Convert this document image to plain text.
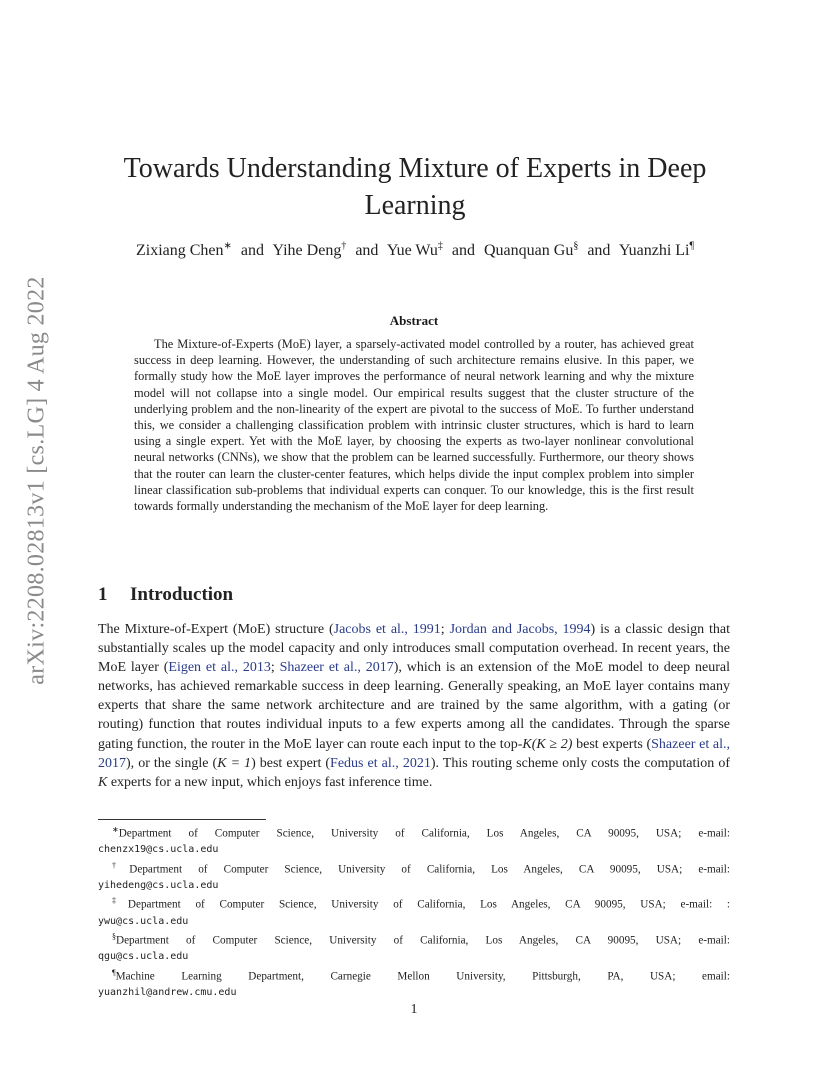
arXiv:2208.02813v1 [cs.LG] 4 Aug 2022
Towards Understanding Mixture of Experts in Deep Learning
Zixiang Chen∗ and Yihe Deng† and Yue Wu‡ and Quanquan Gu§ and Yuanzhi Li¶
Abstract

The Mixture-of-Experts (MoE) layer, a sparsely-activated model controlled by a router, has achieved great success in deep learning. However, the understanding of such architecture remains elusive. In this paper, we formally study how the MoE layer improves the performance of neural network learning and why the mixture model will not collapse into a single model. Our empirical results suggest that the cluster structure of the underlying problem and the non-linearity of the expert are pivotal to the success of MoE. To further understand this, we consider a challenging classification problem with intrinsic cluster structures, which is hard to learn using a single expert. Yet with the MoE layer, by choosing the experts as two-layer nonlinear convolutional neural networks (CNNs), we show that the problem can be learned successfully. Furthermore, our theory shows that the router can learn the cluster-center features, which helps divide the input complex problem into simpler linear classification sub-problems that individual experts can conquer. To our knowledge, this is the first result towards formally understanding the mechanism of the MoE layer for deep learning.

1 Introduction

The Mixture-of-Expert (MoE) structure (Jacobs et al., 1991; Jordan and Jacobs, 1994) is a classic design that substantially scales up the model capacity and only introduces small computation overhead. In recent years, the MoE layer (Eigen et al., 2013; Shazeer et al., 2017), which is an extension of the MoE model to deep neural networks, has achieved remarkable success in deep learning. Generally speaking, an MoE layer contains many experts that share the same network architecture and are trained by the same algorithm, with a gating (or routing) function that routes individual inputs to a few experts among all the candidates. Through the sparse gating function, the router in the MoE layer can route each input to the top-K(K ≥ 2) best experts (Shazeer et al., 2017), or the single (K = 1) best expert (Fedus et al., 2021). This routing scheme only costs the computation of K experts for a new input, which enjoys fast inference time.

∗Department of Computer Science, University of California, Los Angeles, CA 90095, USA; e-mail:
chenzx19@cs.ucla.edu
†Department of Computer Science, University of California, Los Angeles, CA 90095, USA; e-mail:
yihedeng@cs.ucla.edu
‡Department of Computer Science, University of California, Los Angeles, CA 90095, USA; e-mail: :
ywu@cs.ucla.edu
§Department of Computer Science, University of California, Los Angeles, CA 90095, USA; e-mail:
qgu@cs.ucla.edu
¶Machine Learning Department, Carnegie Mellon University, Pittsburgh, PA, USA; email:
yuanzhil@andrew.cmu.edu
1
